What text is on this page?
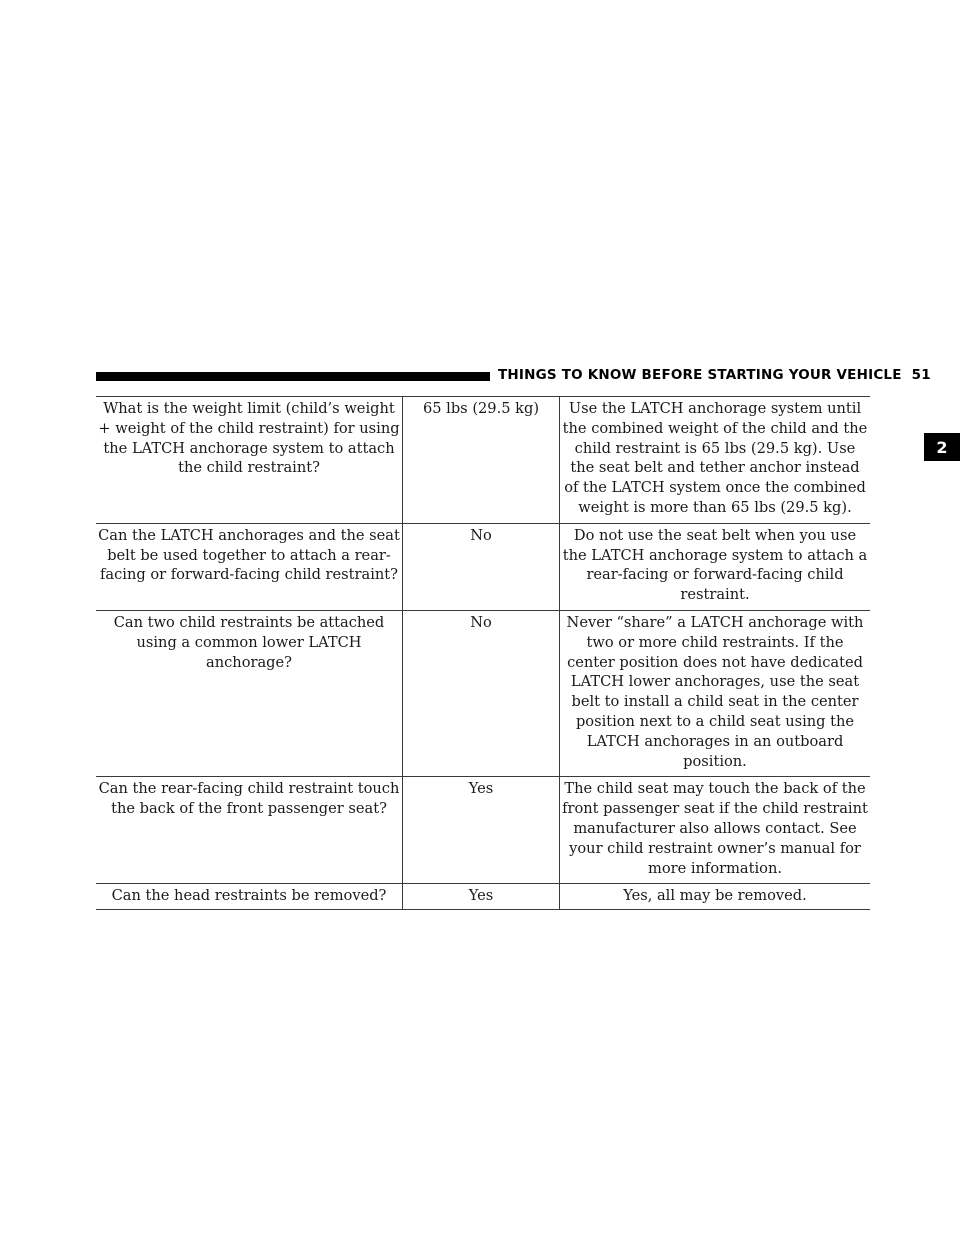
THINGS TO KNOW BEFORE STARTING YOUR VEHICLE 51
2
What is the weight limit (child’s weight + weight of the child restraint) for using the LATCH anchorage system to attach the child restraint?	65 lbs (29.5 kg)	Use the LATCH anchorage system until the combined weight of the child and the child restraint is 65 lbs (29.5 kg). Use the seat belt and tether anchor instead of the LATCH system once the combined weight is more than 65 lbs (29.5 kg).
Can the LATCH anchorages and the seat belt be used together to attach a rear-facing or forward-facing child restraint?	No	Do not use the seat belt when you use the LATCH anchorage system to attach a rear-facing or forward-facing child restraint.
Can two child restraints be attached using a common lower LATCH anchorage?	No	Never “share” a LATCH anchorage with two or more child restraints. If the center position does not have dedicated LATCH lower anchorages, use the seat belt to install a child seat in the center position next to a child seat using the LATCH anchorages in an outboard position.
Can the rear-facing child restraint touch the back of the front passenger seat?	Yes	The child seat may touch the back of the front passenger seat if the child restraint manufacturer also allows contact. See your child restraint owner’s manual for more information.
Can the head restraints be removed?	Yes	Yes, all may be removed.
